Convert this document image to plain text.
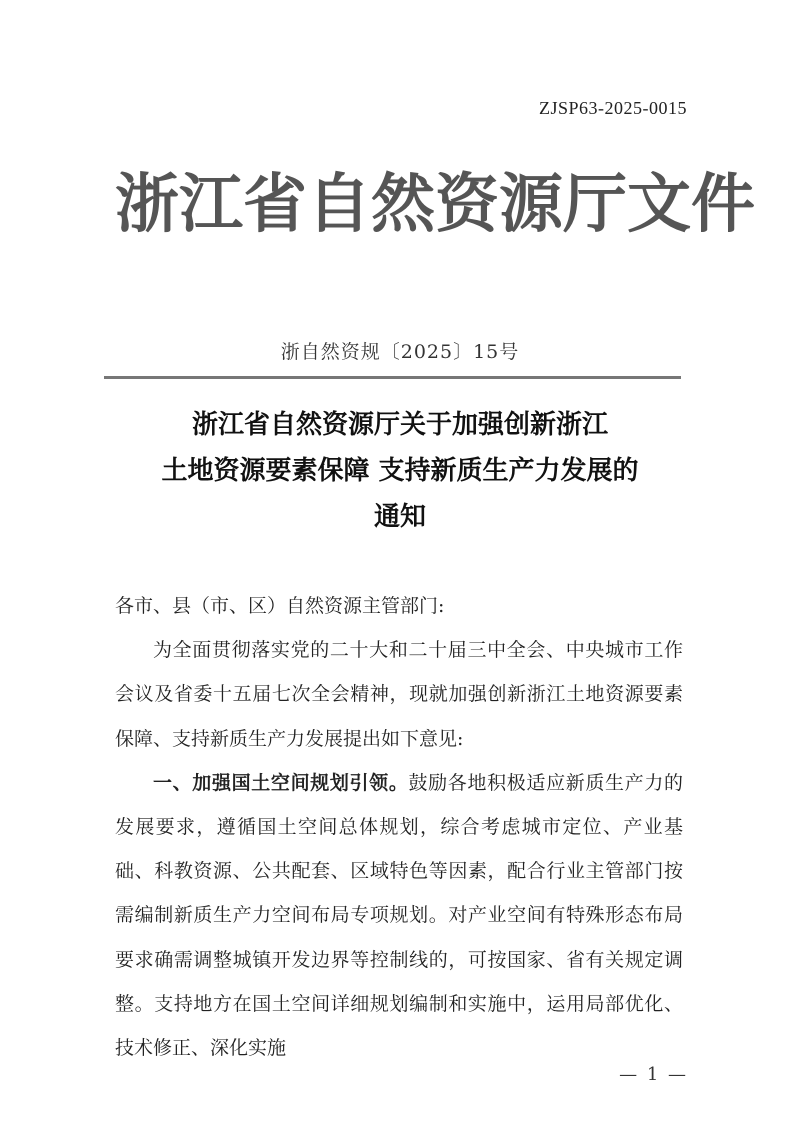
ZJSP63-2025-0015
浙江省自然资源厅文件
浙自然资规〔2025〕15号
浙江省自然资源厅关于加强创新浙江
土地资源要素保障 支持新质生产力发展的
通知

各市、县（市、区）自然资源主管部门:

为全面贯彻落实党的二十大和二十届三中全会、中央城市工作会议及省委十五届七次全会精神，现就加强创新浙江土地资源要素保障、支持新质生产力发展提出如下意见:

一、加强国土空间规划引领。鼓励各地积极适应新质生产力的发展要求，遵循国土空间总体规划，综合考虑城市定位、产业基础、科教资源、公共配套、区域特色等因素，配合行业主管部门按需编制新质生产力空间布局专项规划。对产业空间有特殊形态布局要求确需调整城镇开发边界等控制线的，可按国家、省有关规定调整。支持地方在国土空间详细规划编制和实施中，运用局部优化、技术修正、深化实施

— 1 —
